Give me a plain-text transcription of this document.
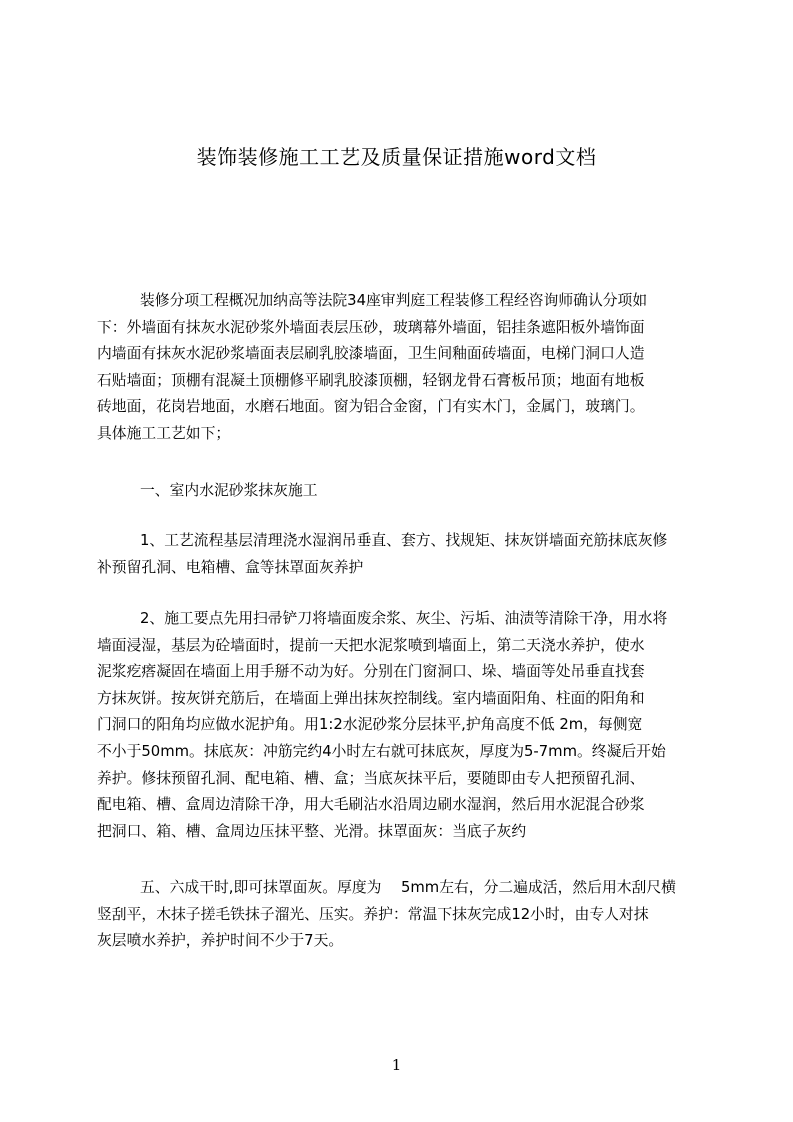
装饰装修施工工艺及质量保证措施word文档
装修分项工程概况加纳高等法院34座审判庭工程装修工程经咨询师确认分项如
下：外墙面有抹灰水泥砂浆外墙面表层压砂，玻璃幕外墙面，铝挂条遮阳板外墙饰面
内墙面有抹灰水泥砂浆墙面表层刷乳胶漆墙面，卫生间釉面砖墙面，电梯门洞口人造
石贴墙面；顶棚有混凝土顶棚修平刷乳胶漆顶棚，轻钢龙骨石膏板吊顶；地面有地板
砖地面，花岗岩地面，水磨石地面。窗为铝合金窗，门有实木门，金属门，玻璃门。
具体施工工艺如下；
一、室内水泥砂浆抹灰施工
1、工艺流程基层清理浇水湿润吊垂直、套方、找规矩、抹灰饼墙面充筋抹底灰修
补预留孔洞、电箱槽、盒等抹罩面灰养护
2、施工要点先用扫帚铲刀将墙面废余浆、灰尘、污垢、油渍等清除干净，用水将
墙面浸湿，基层为砼墙面时，提前一天把水泥浆喷到墙面上，第二天浇水养护，使水
泥浆疙瘩凝固在墙面上用手掰不动为好。分别在门窗洞口、垛、墙面等处吊垂直找套
方抹灰饼。按灰饼充筋后，在墙面上弹出抹灰控制线。室内墙面阳角、柱面的阳角和
门洞口的阳角均应做水泥护角。用1:2水泥砂浆分层抹平,护角高度不低 2m，每侧宽
不小于50mm。抹底灰：冲筋完约4小时左右就可抹底灰，厚度为5-7mm。终凝后开始
养护。修抹预留孔洞、配电箱、槽、盒；当底灰抹平后，要随即由专人把预留孔洞、
配电箱、槽、盒周边清除干净，用大毛刷沾水沿周边刷水湿润，然后用水泥混合砂浆
把洞口、箱、槽、盒周边压抹平整、光滑。抹罩面灰：当底子灰约
五、六成干时,即可抹罩面灰。厚度为　 5mm左右，分二遍成活，然后用木刮尺横
竖刮平，木抹子搓毛铁抹子溜光、压实。养护：常温下抹灰完成12小时，由专人对抹
灰层喷水养护，养护时间不少于7天。
1
